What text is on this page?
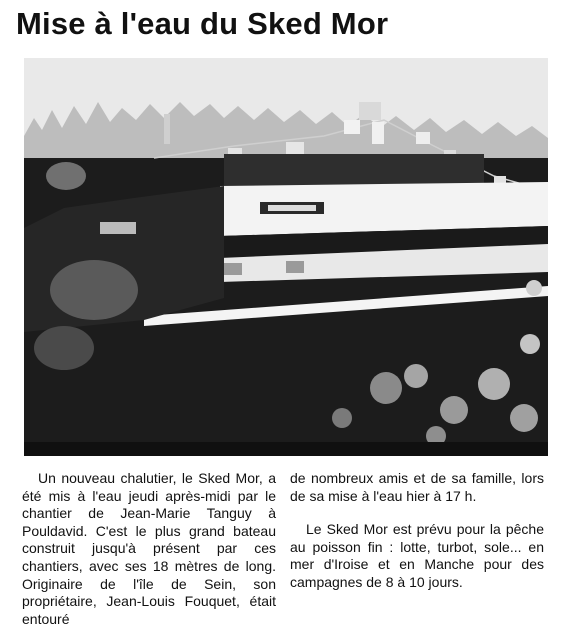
Mise à l'eau du Sked Mor

Un nouveau chalutier, le Sked Mor, a été mis à l'eau jeudi après-midi par le chantier de Jean-Marie Tanguy à Pouldavid. C'est le plus grand bateau construit jusqu'à présent par ces chantiers, avec ses 18 mètres de long. Originaire de l'île de Sein, son propriétaire, Jean-Louis Fouquet, était entouré

de nombreux amis et de sa famille, lors de sa mise à l'eau hier à 17 h.

Le Sked Mor est prévu pour la pêche au poisson fin : lotte, turbot, sole... en mer d'Iroise et en Manche pour des campagnes de 8 à 10 jours.
